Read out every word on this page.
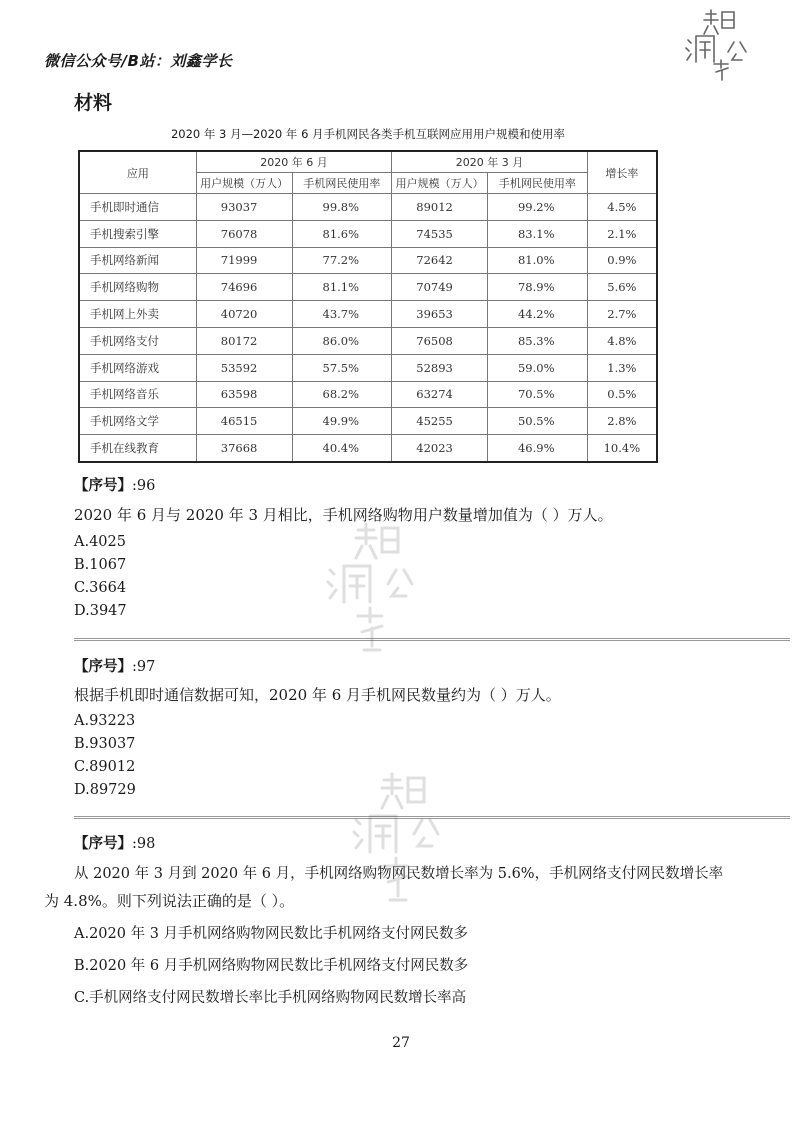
微信公众号/B站：刘鑫学长
材料
2020 年 3 月—2020 年 6 月手机网民各类手机互联网应用用户规模和使用率
应用	2020 年 6 月		2020 年 3 月		增长率
	用户规模（万人）	手机网民使用率	用户规模（万人）	手机网民使用率	
手机即时通信	93037	99.8%	89012	99.2%	4.5%
手机搜索引擎	76078	81.6%	74535	83.1%	2.1%
手机网络新闻	71999	77.2%	72642	81.0%	0.9%
手机网络购物	74696	81.1%	70749	78.9%	5.6%
手机网上外卖	40720	43.7%	39653	44.2%	2.7%
手机网络支付	80172	86.0%	76508	85.3%	4.8%
手机网络游戏	53592	57.5%	52893	59.0%	1.3%
手机网络音乐	63598	68.2%	63274	70.5%	0.5%
手机网络文学	46515	49.9%	45255	50.5%	2.8%
手机在线教育	37668	40.4%	42023	46.9%	10.4%
【序号】:96
2020 年 6 月与 2020 年 3 月相比，手机网络购物用户数量增加值为（ ）万人。
A.4025
B.1067
C.3664
D.3947
【序号】:97
根据手机即时通信数据可知，2020 年 6 月手机网民数量约为（ ）万人。
A.93223
B.93037
C.89012
D.89729
【序号】:98
从 2020 年 3 月到 2020 年 6 月，手机网络购物网民数增长率为 5.6%，手机网络支付网民数增长率
为 4.8%。则下列说法正确的是（ ）。
A.2020 年 3 月手机网络购物网民数比手机网络支付网民数多
B.2020 年 6 月手机网络购物网民数比手机网络支付网民数多
C.手机网络支付网民数增长率比手机网络购物网民数增长率高
27
